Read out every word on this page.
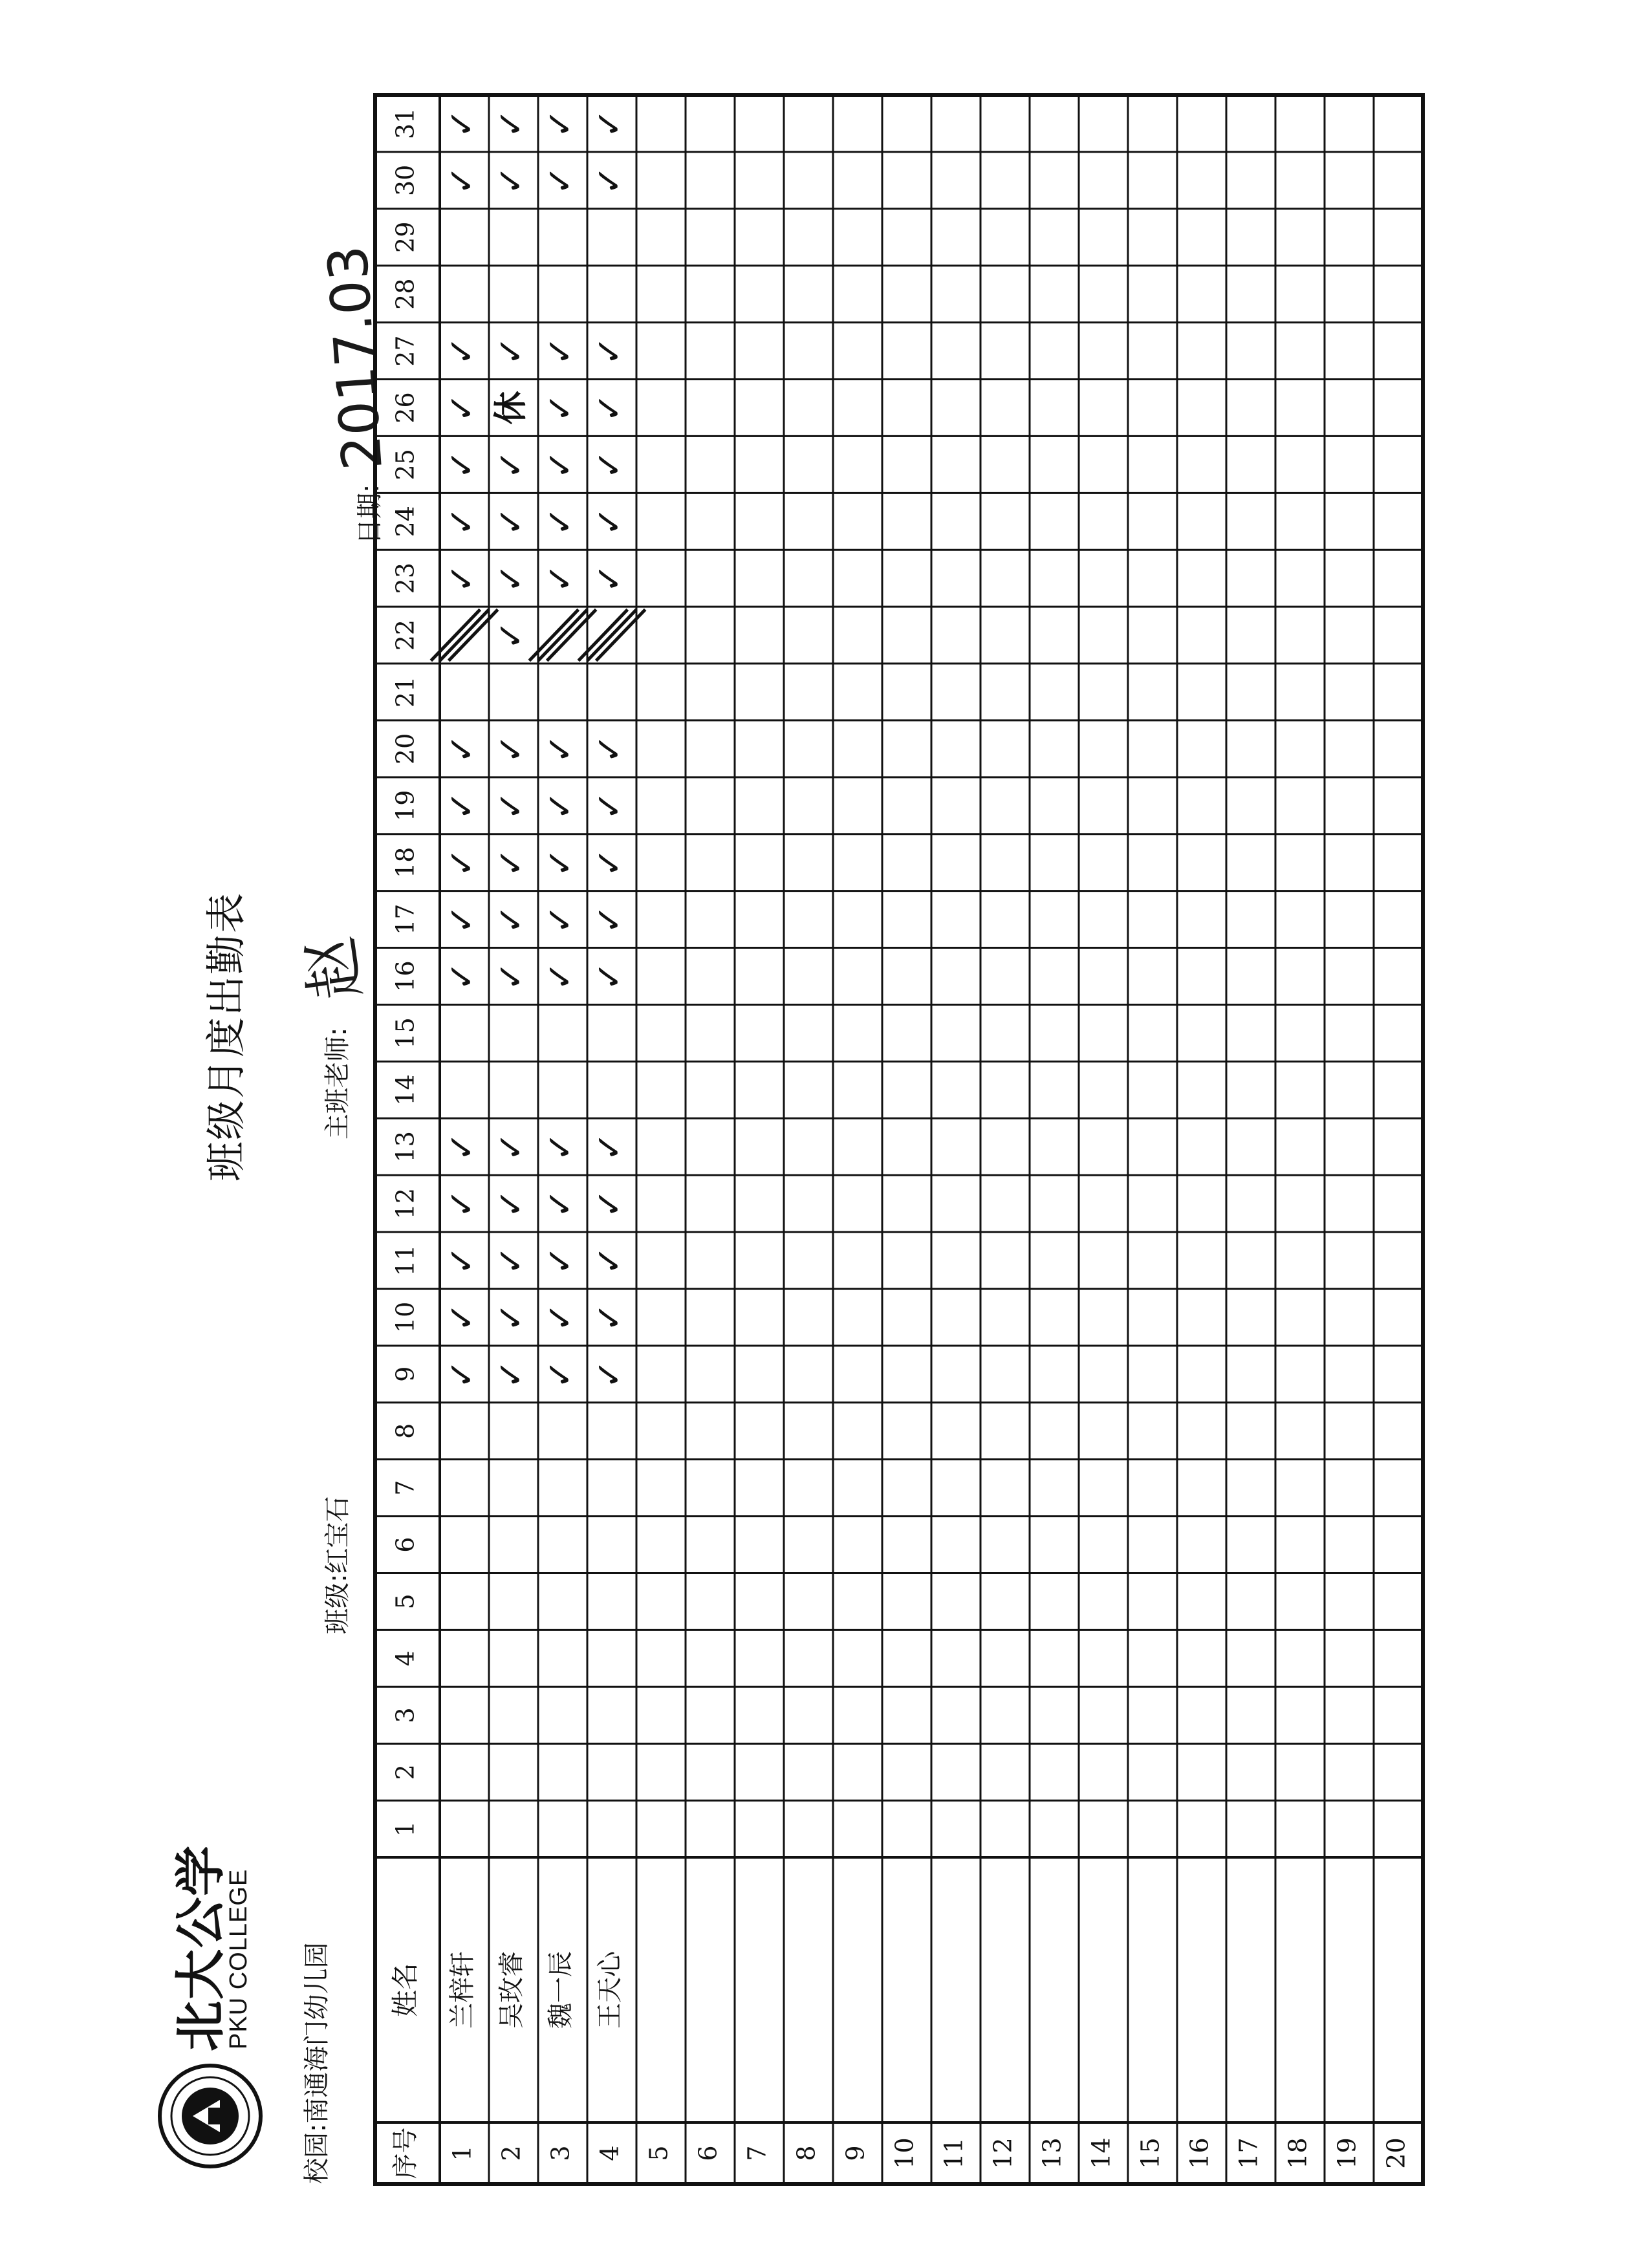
北大公学
PKU COLLEGE
班级月度出勤表
校园:南通海门幼儿园
班级:红宝石
主班老师:
赵
日期:
2017.03
序号
姓名
1
2
3
4
5
6
7
8
9
10
11
12
13
14
15
16
17
18
19
20
21
22
23
24
25
26
27
28
29
30
31
1
兰梓轩
✓
✓
✓
✓
✓
✓
✓
✓
✓
✓
✓
✓
✓
✓
✓
✓
✓
2
吴玫睿
✓
✓
✓
✓
✓
✓
✓
✓
✓
✓
✓
✓
✓
✓
休
✓
✓
✓
3
魏一辰
✓
✓
✓
✓
✓
✓
✓
✓
✓
✓
✓
✓
✓
✓
✓
✓
✓
4
王天心
✓
✓
✓
✓
✓
✓
✓
✓
✓
✓
✓
✓
✓
✓
✓
✓
✓
5 6 7 8 9 10 11 12 13 14 15 16 17 18 19 20
